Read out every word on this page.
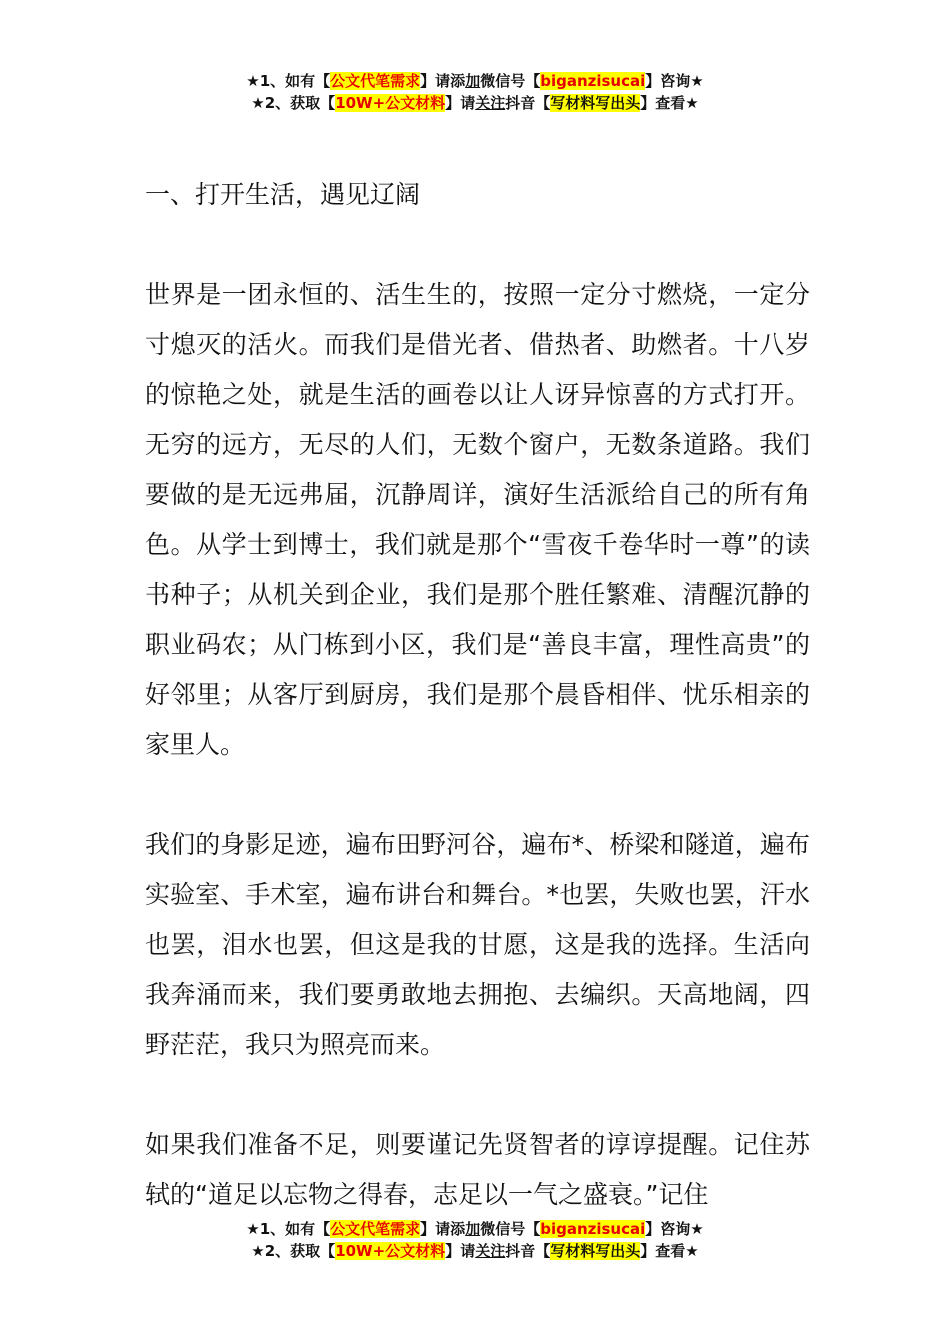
★1、如有【公文代笔需求】请添加微信号【biganzisucai】咨询★
★2、获取【10W+公文材料】请关注抖音【写材料写出头】查看★
一、打开生活，遇见辽阔

世界是一团永恒的、活生生的，按照一定分寸燃烧，一定分寸熄灭的活火。而我们是借光者、借热者、助燃者。十八岁的惊艳之处，就是生活的画卷以让人讶异惊喜的方式打开。无穷的远方，无尽的人们，无数个窗户，无数条道路。我们要做的是无远弗届，沉静周详，演好生活派给自己的所有角色。从学士到博士，我们就是那个“雪夜千卷华时一尊”的读书种子；从机关到企业，我们是那个胜任繁难、清醒沉静的职业码农；从门栋到小区，我们是“善良丰富，理性高贵”的好邻里；从客厅到厨房，我们是那个晨昏相伴、忧乐相亲的家里人。

我们的身影足迹，遍布田野河谷，遍布*、桥梁和隧道，遍布实验室、手术室，遍布讲台和舞台。*也罢，失败也罢，汗水也罢，泪水也罢，但这是我的甘愿，这是我的选择。生活向我奔涌而来，我们要勇敢地去拥抱、去编织。天高地阔，四野茫茫，我只为照亮而来。

如果我们准备不足，则要谨记先贤智者的谆谆提醒。记住苏轼的“道足以忘物之得春，志足以一气之盛衰。”记住

★1、如有【公文代笔需求】请添加微信号【biganzisucai】咨询★
★2、获取【10W+公文材料】请关注抖音【写材料写出头】查看★
